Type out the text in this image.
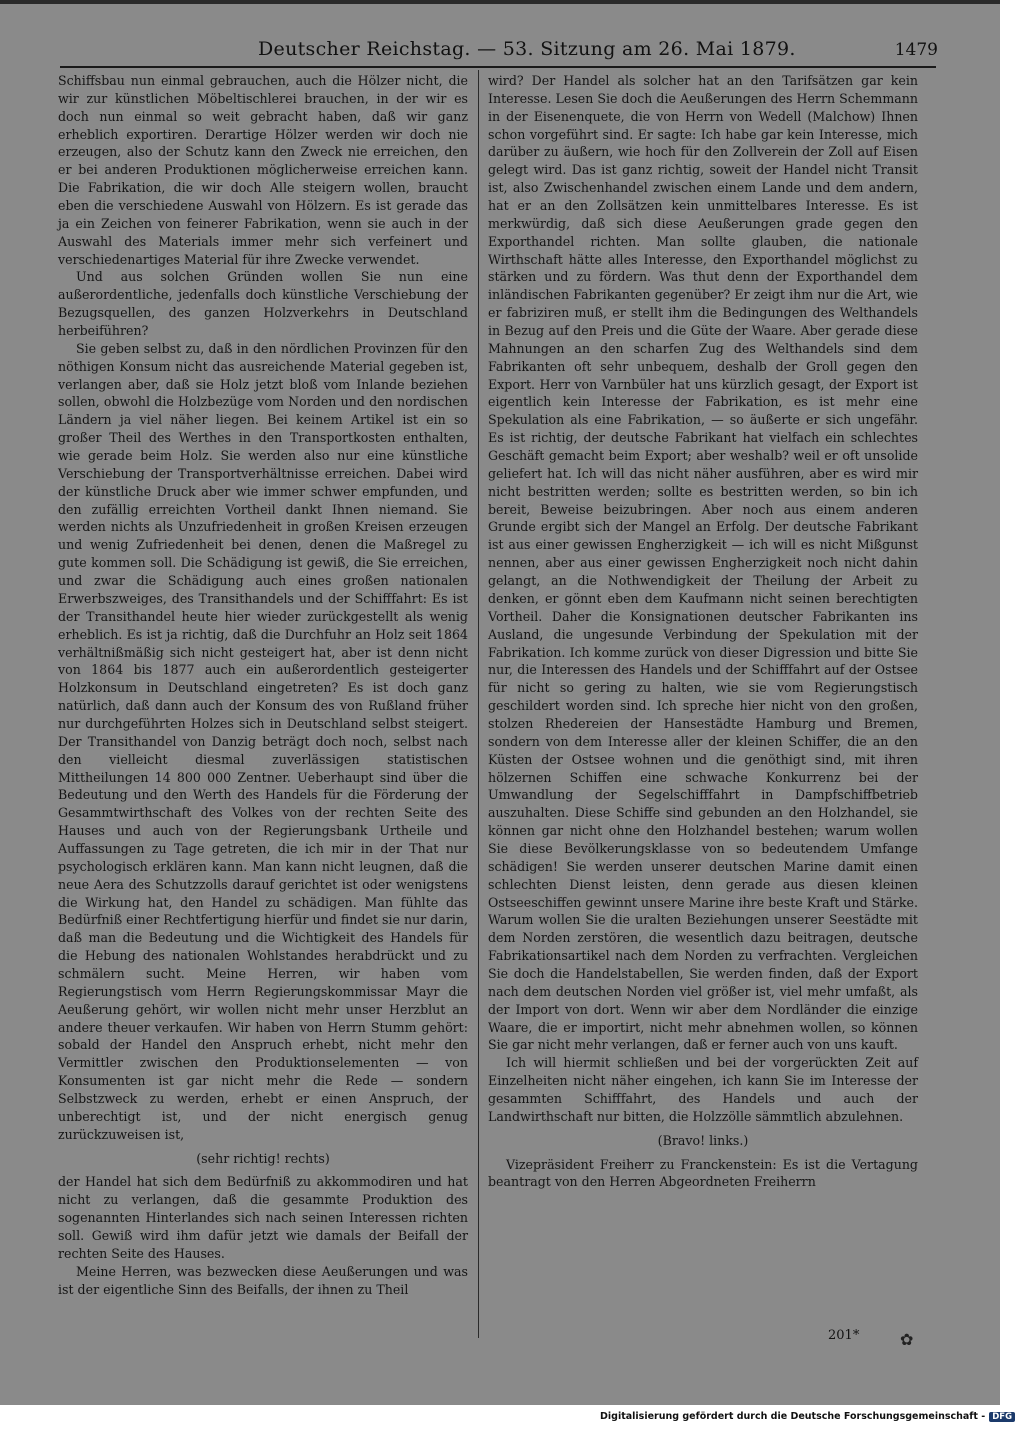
Deutscher Reichstag. — 53. Sitzung am 26. Mai 1879.	1479

Schiffsbau nun einmal gebrauchen, auch die Hölzer nicht, die wir zur künstlichen Möbeltischlerei brauchen, in der wir es doch nun einmal so weit gebracht haben, daß wir ganz erheblich exportiren. Derartige Hölzer werden wir doch nie erzeugen, also der Schutz kann den Zweck nie erreichen, den er bei anderen Produktionen möglicherweise erreichen kann. Die Fabrikation, die wir doch Alle steigern wollen, braucht eben die verschiedene Auswahl von Hölzern. Es ist gerade das ja ein Zeichen von feinerer Fabrikation, wenn sie auch in der Auswahl des Materials immer mehr sich verfeinert und verschiedenartiges Material für ihre Zwecke verwendet.

Und aus solchen Gründen wollen Sie nun eine außerordentliche, jedenfalls doch künstliche Verschiebung der Bezugsquellen, des ganzen Holzverkehrs in Deutschland herbeiführen?

Sie geben selbst zu, daß in den nördlichen Provinzen für den nöthigen Konsum nicht das ausreichende Material gegeben ist, verlangen aber, daß sie Holz jetzt bloß vom Inlande beziehen sollen, obwohl die Holzbezüge vom Norden und den nordischen Ländern ja viel näher liegen. Bei keinem Artikel ist ein so großer Theil des Werthes in den Transportkosten enthalten, wie gerade beim Holz. Sie werden also nur eine künstliche Verschiebung der Transportverhältnisse erreichen. Dabei wird der künstliche Druck aber wie immer schwer empfunden, und den zufällig erreichten Vortheil dankt Ihnen niemand. Sie werden nichts als Unzufriedenheit in großen Kreisen erzeugen und wenig Zufriedenheit bei denen, denen die Maßregel zu gute kommen soll. Die Schädigung ist gewiß, die Sie erreichen, und zwar die Schädigung auch eines großen nationalen Erwerbszweiges, des Transithandels und der Schifffahrt: Es ist der Transithandel heute hier wieder zurückgestellt als wenig erheblich. Es ist ja richtig, daß die Durchfuhr an Holz seit 1864 verhältnißmäßig sich nicht gesteigert hat, aber ist denn nicht von 1864 bis 1877 auch ein außerordentlich gesteigerter Holzkonsum in Deutschland eingetreten? Es ist doch ganz natürlich, daß dann auch der Konsum des von Rußland früher nur durchgeführten Holzes sich in Deutschland selbst steigert. Der Transithandel von Danzig beträgt doch noch, selbst nach den vielleicht diesmal zuverlässigen statistischen Mittheilungen 14 800 000 Zentner. Ueberhaupt sind über die Bedeutung und den Werth des Handels für die Förderung der Gesammtwirthschaft des Volkes von der rechten Seite des Hauses und auch von der Regierungsbank Urtheile und Auffassungen zu Tage getreten, die ich mir in der That nur psychologisch erklären kann. Man kann nicht leugnen, daß die neue Aera des Schutzzolls darauf gerichtet ist oder wenigstens die Wirkung hat, den Handel zu schädigen. Man fühlte das Bedürfniß einer Rechtfertigung hierfür und findet sie nur darin, daß man die Bedeutung und die Wichtigkeit des Handels für die Hebung des nationalen Wohlstandes herabdrückt und zu schmälern sucht. Meine Herren, wir haben vom Regierungstisch vom Herrn Regierungskommissar Mayr die Aeußerung gehört, wir wollen nicht mehr unser Herzblut an andere theuer verkaufen. Wir haben von Herrn Stumm gehört: sobald der Handel den Anspruch erhebt, nicht mehr den Vermittler zwischen den Produktionselementen — von Konsumenten ist gar nicht mehr die Rede — sondern Selbstzweck zu werden, erhebt er einen Anspruch, der unberechtigt ist, und der nicht energisch genug zurückzuweisen ist,

(sehr richtig! rechts)

der Handel hat sich dem Bedürfniß zu akkommodiren und hat nicht zu verlangen, daß die gesammte Produktion des sogenannten Hinterlandes sich nach seinen Interessen richten soll. Gewiß wird ihm dafür jetzt wie damals der Beifall der rechten Seite des Hauses.

Meine Herren, was bezwecken diese Aeußerungen und was ist der eigentliche Sinn des Beifalls, der ihnen zu Theil

wird? Der Handel als solcher hat an den Tarifsätzen gar kein Interesse. Lesen Sie doch die Aeußerungen des Herrn Schemmann in der Eisenenquete, die von Herrn von Wedell (Malchow) Ihnen schon vorgeführt sind. Er sagte: Ich habe gar kein Interesse, mich darüber zu äußern, wie hoch für den Zollverein der Zoll auf Eisen gelegt wird. Das ist ganz richtig, soweit der Handel nicht Transit ist, also Zwischenhandel zwischen einem Lande und dem andern, hat er an den Zollsätzen kein unmittelbares Interesse. Es ist merkwürdig, daß sich diese Aeußerungen grade gegen den Exporthandel richten. Man sollte glauben, die nationale Wirthschaft hätte alles Interesse, den Exporthandel möglichst zu stärken und zu fördern. Was thut denn der Exporthandel dem inländischen Fabrikanten gegenüber? Er zeigt ihm nur die Art, wie er fabriziren muß, er stellt ihm die Bedingungen des Welthandels in Bezug auf den Preis und die Güte der Waare. Aber gerade diese Mahnungen an den scharfen Zug des Welthandels sind dem Fabrikanten oft sehr unbequem, deshalb der Groll gegen den Export. Herr von Varnbüler hat uns kürzlich gesagt, der Export ist eigentlich kein Interesse der Fabrikation, es ist mehr eine Spekulation als eine Fabrikation, — so äußerte er sich ungefähr. Es ist richtig, der deutsche Fabrikant hat vielfach ein schlechtes Geschäft gemacht beim Export; aber weshalb? weil er oft unsolide geliefert hat. Ich will das nicht näher ausführen, aber es wird mir nicht bestritten werden; sollte es bestritten werden, so bin ich bereit, Beweise beizubringen. Aber noch aus einem anderen Grunde ergibt sich der Mangel an Erfolg. Der deutsche Fabrikant ist aus einer gewissen Engherzigkeit — ich will es nicht Mißgunst nennen, aber aus einer gewissen Engherzigkeit noch nicht dahin gelangt, an die Nothwendigkeit der Theilung der Arbeit zu denken, er gönnt eben dem Kaufmann nicht seinen berechtigten Vortheil. Daher die Konsignationen deutscher Fabrikanten ins Ausland, die ungesunde Verbindung der Spekulation mit der Fabrikation. Ich komme zurück von dieser Digression und bitte Sie nur, die Interessen des Handels und der Schifffahrt auf der Ostsee für nicht so gering zu halten, wie sie vom Regierungstisch geschildert worden sind. Ich spreche hier nicht von den großen, stolzen Rhedereien der Hansestädte Hamburg und Bremen, sondern von dem Interesse aller der kleinen Schiffer, die an den Küsten der Ostsee wohnen und die genöthigt sind, mit ihren hölzernen Schiffen eine schwache Konkurrenz bei der Umwandlung der Segelschifffahrt in Dampfschiffbetrieb auszuhalten. Diese Schiffe sind gebunden an den Holzhandel, sie können gar nicht ohne den Holzhandel bestehen; warum wollen Sie diese Bevölkerungsklasse von so bedeutendem Umfange schädigen! Sie werden unserer deutschen Marine damit einen schlechten Dienst leisten, denn gerade aus diesen kleinen Ostseeschiffen gewinnt unsere Marine ihre beste Kraft und Stärke. Warum wollen Sie die uralten Beziehungen unserer Seestädte mit dem Norden zerstören, die wesentlich dazu beitragen, deutsche Fabrikationsartikel nach dem Norden zu verfrachten. Vergleichen Sie doch die Handelstabellen, Sie werden finden, daß der Export nach dem deutschen Norden viel größer ist, viel mehr umfaßt, als der Import von dort. Wenn wir aber dem Nordländer die einzige Waare, die er importirt, nicht mehr abnehmen wollen, so können Sie gar nicht mehr verlangen, daß er ferner auch von uns kauft.

Ich will hiermit schließen und bei der vorgerückten Zeit auf Einzelheiten nicht näher eingehen, ich kann Sie im Interesse der gesammten Schifffahrt, des Handels und auch der Landwirthschaft nur bitten, die Holzzölle sämmtlich abzulehnen.

(Bravo! links.)

Vizepräsident Freiherr zu Franckenstein: Es ist die Vertagung beantragt von den Herren Abgeordneten Freiherrn

201*	✿
Digitalisierung gefördert durch die Deutsche Forschungsgemeinschaft - DFG
